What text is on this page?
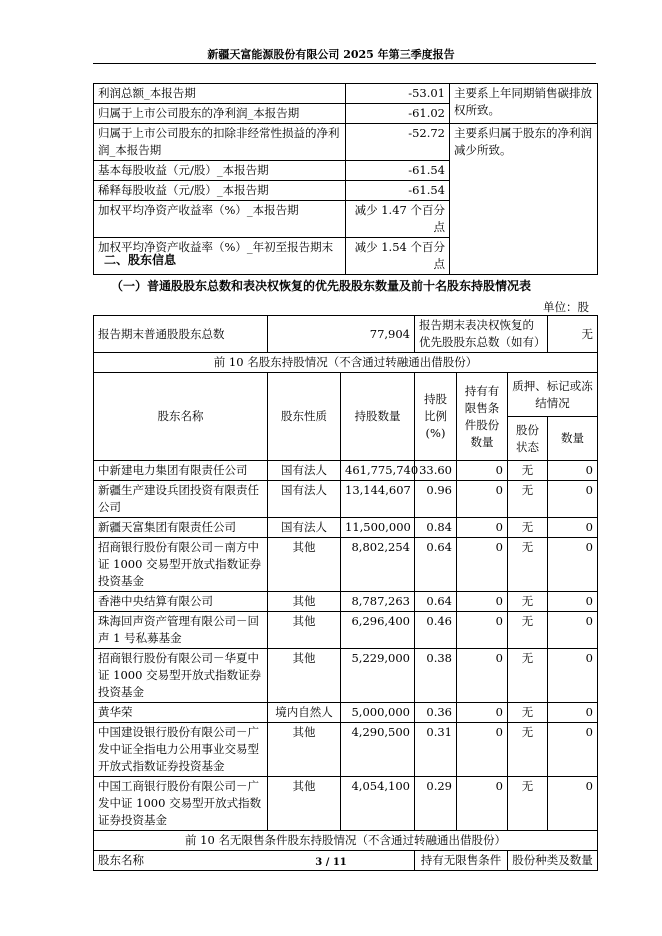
新疆天富能源股份有限公司 2025 年第三季度报告
利润总额_本报告期	-53.01	主要系上年同期销售碳排放权所致。
归属于上市公司股东的净利润_本报告期	-61.02	
归属于上市公司股东的扣除非经常性损益的净利润_本报告期	-52.72	主要系归属于股东的净利润减少所致。
基本每股收益（元/股）_本报告期	-61.54	
稀释每股收益（元/股）_本报告期	-61.54	
加权平均净资产收益率（%）_本报告期	减少 1.47 个百分点	
加权平均净资产收益率（%）_年初至报告期末	减少 1.54 个百分点	
二、股东信息
（一）普通股股东总数和表决权恢复的优先股股东数量及前十名股东持股情况表
单位：股
报告期末普通股股东总数	77,904		报告期末表决权恢复的优先股股东总数（如有）			无
前 10 名股东持股情况（不含通过转融通出借股份）						
股东名称	股东性质	持股数量	持股比例(%)	持有有限售条件股份数量	质押、标记或冻结情况	
					股份状态	数量
中新建电力集团有限责任公司	国有法人	461,775,740	33.60	0	无	0
新疆生产建设兵团投资有限责任公司	国有法人	13,144,607	0.96	0	无	0
新疆天富集团有限责任公司	国有法人	11,500,000	0.84	0	无	0
招商银行股份有限公司－南方中证 1000 交易型开放式指数证券投资基金	其他	8,802,254	0.64	0	无	0
香港中央结算有限公司	其他	8,787,263	0.64	0	无	0
珠海回声资产管理有限公司－回声 1 号私募基金	其他	6,296,400	0.46	0	无	0
招商银行股份有限公司－华夏中证 1000 交易型开放式指数证券投资基金	其他	5,229,000	0.38	0	无	0
黄华荣	境内自然人	5,000,000	0.36	0	无	0
中国建设银行股份有限公司－广发中证全指电力公用事业交易型开放式指数证券投资基金	其他	4,290,500	0.31	0	无	0
中国工商银行股份有限公司－广发中证 1000 交易型开放式指数证券投资基金	其他	4,054,100	0.29	0	无	0
前 10 名无限售条件股东持股情况（不含通过转融通出借股份）						
股东名称			持有无限售条件		股份种类及数量	
3 / 11
